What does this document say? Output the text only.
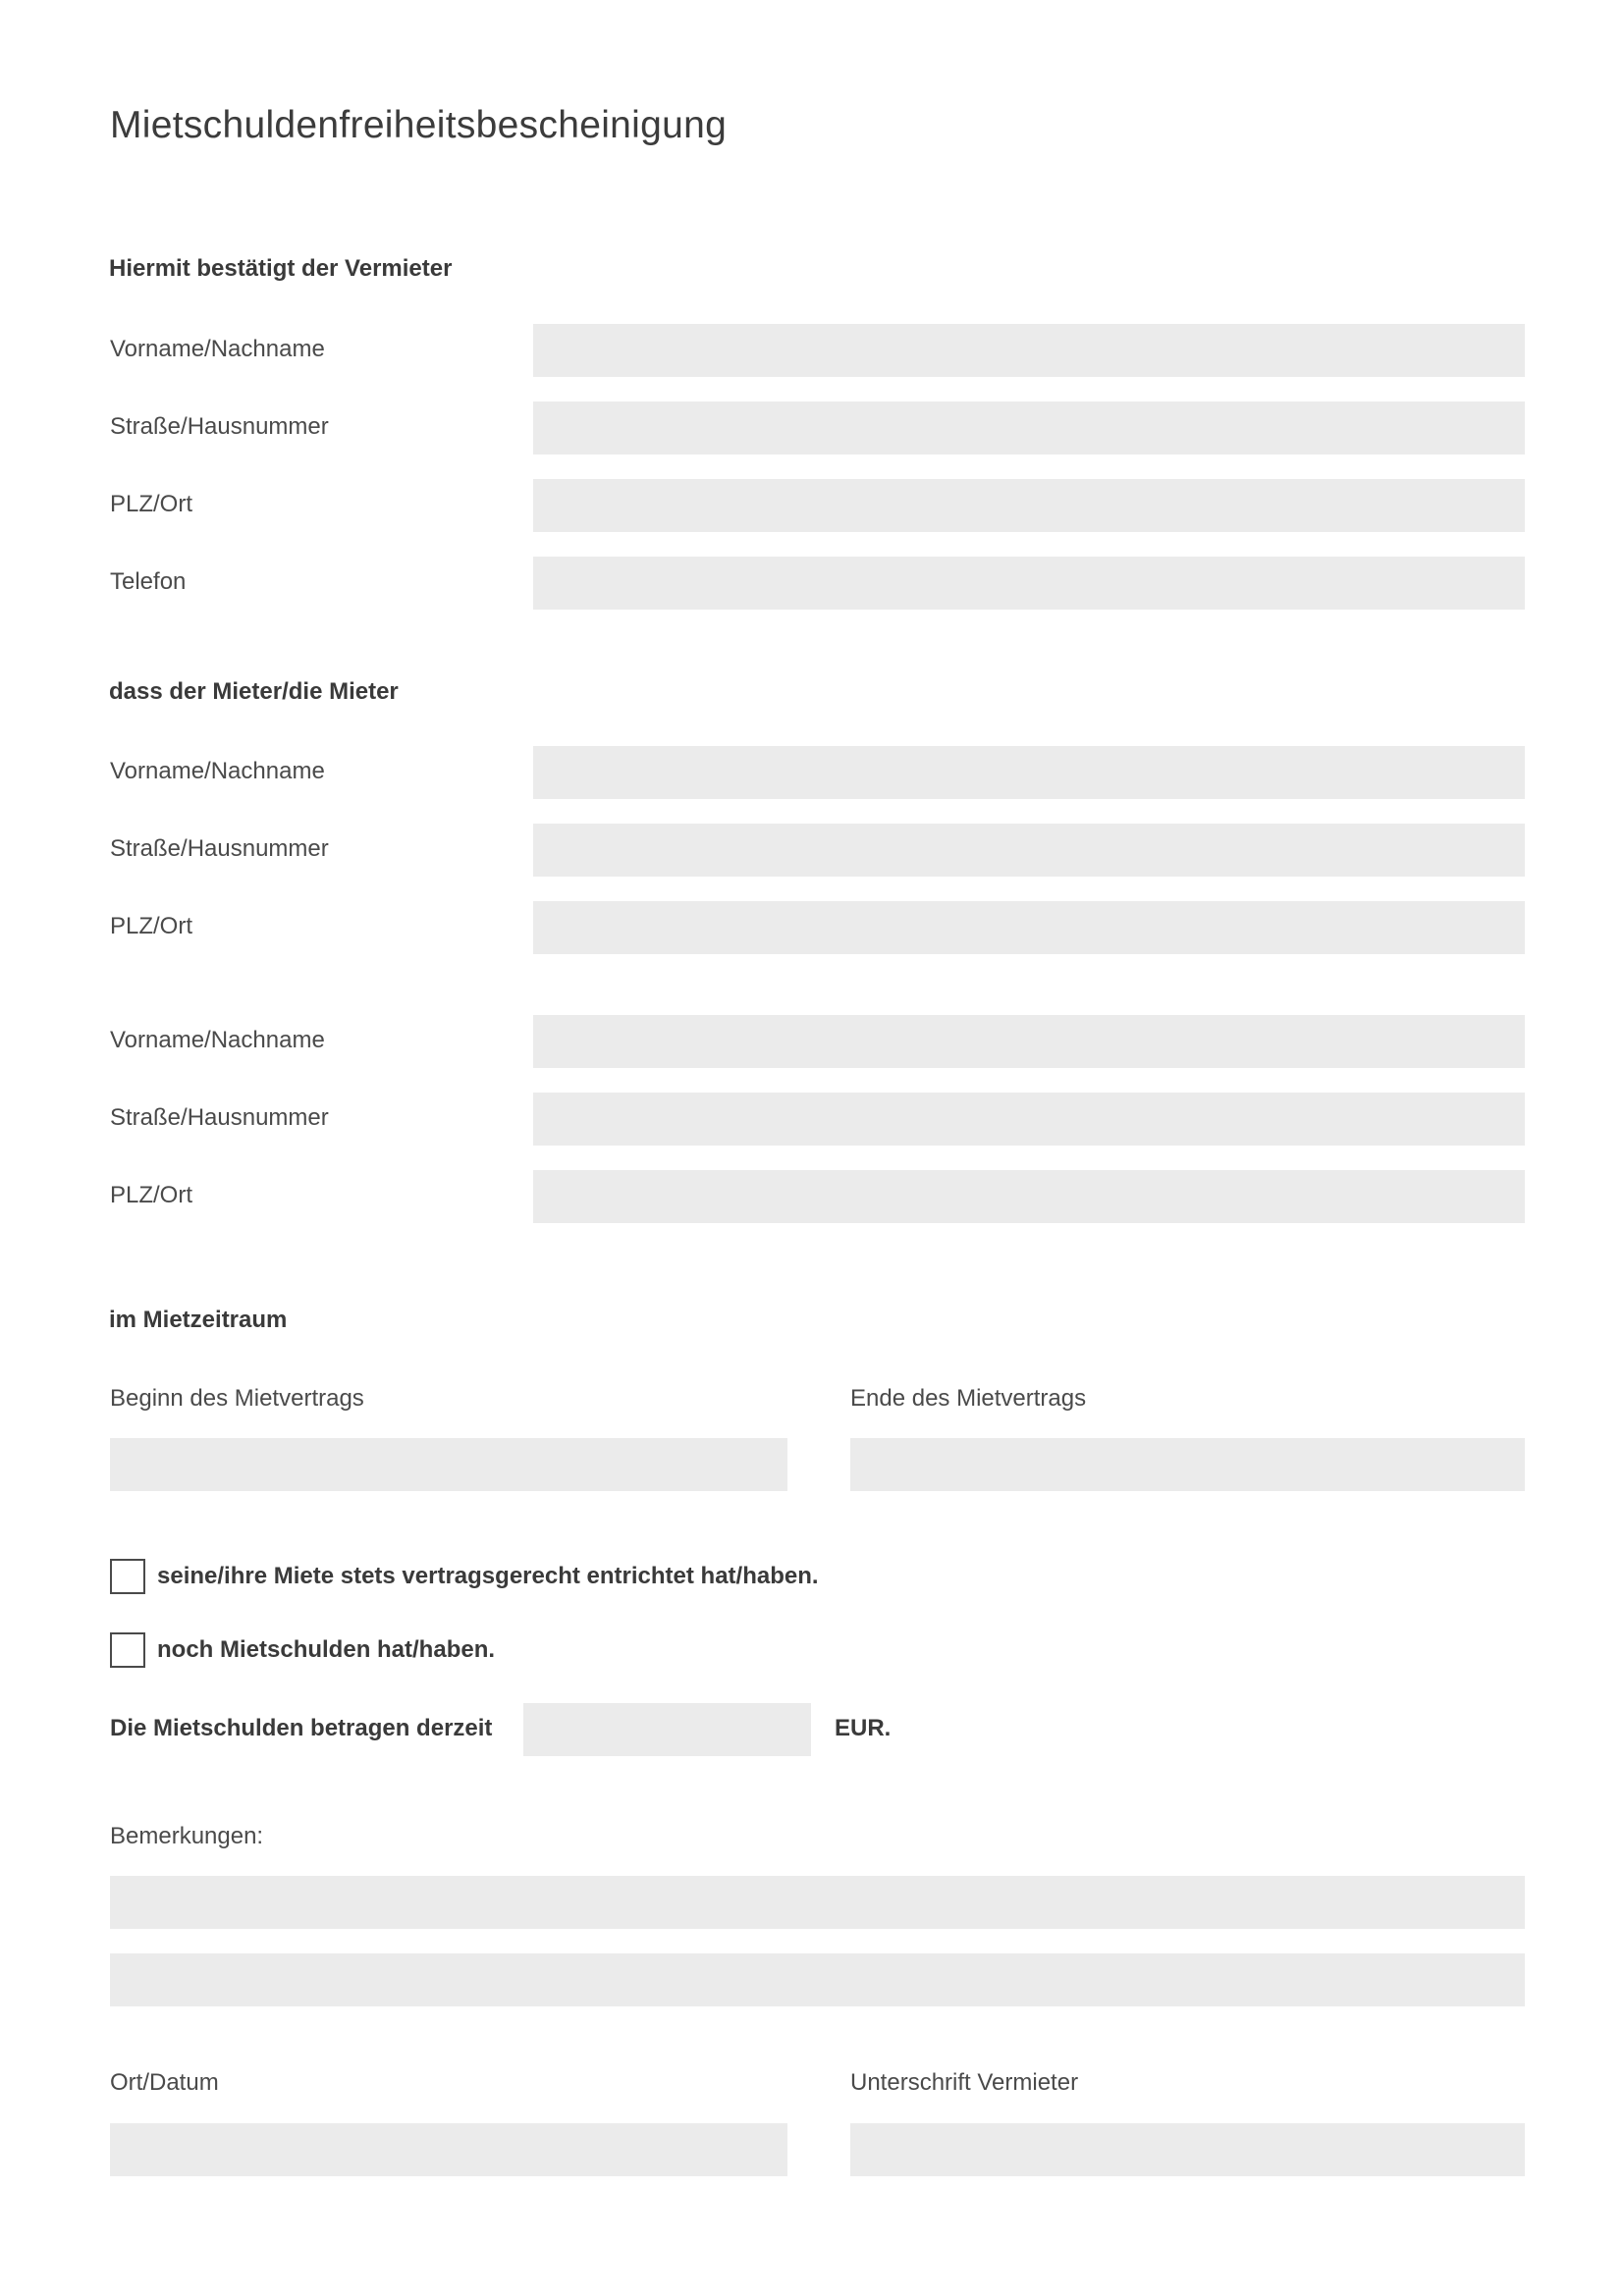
Mietschuldenfreiheitsbescheinigung
Hiermit bestätigt der Vermieter
Vorname/Nachname
Straße/Hausnummer
PLZ/Ort
Telefon
dass der Mieter/die Mieter
Vorname/Nachname
Straße/Hausnummer
PLZ/Ort
Vorname/Nachname
Straße/Hausnummer
PLZ/Ort
im Mietzeitraum
Beginn des Mietvertrags	Ende des Mietvertrags
seine/ihre Miete stets vertragsgerecht entrichtet hat/haben.
noch Mietschulden hat/haben.
Die Mietschulden betragen derzeit	EUR.
Bemerkungen:
Ort/Datum	Unterschrift Vermieter
